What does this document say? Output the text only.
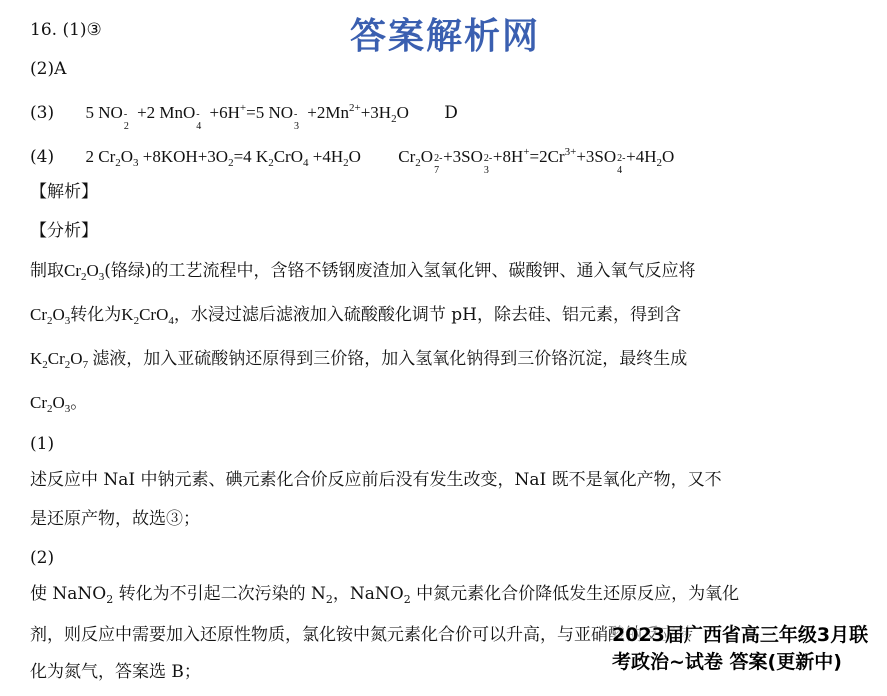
答案解析网
16. (1)③
(2)A
(3) 5 NO -
2
+2 MnO -
4
+6H+=5 NO -
3
$+2Mn^{2+}+3H_2O$ D
(4) 2 $Cr_2O_3 +8KOH+3O_2=4$ $K_2CrO_4 +4H_2O$ $Cr_2O$ 2-
7
+3SO 2-
3
$+8H^+=2Cr^{3+}+3SO$ 2-
4
$+4H_2O$
【解析】
【分析】
制取$Cr_2O_3$(铬绿)的工艺流程中，含铬不锈钢废渣加入氢氧化钾、碳酸钾、通入氧气反应将
$Cr_2O_3$转化为$K_2CrO_4$，水浸过滤后滤液加入硫酸酸化调节 pH，除去硅、铝元素，得到含
$K_2Cr_2O_7$ 滤液，加入亚硫酸钠还原得到三价铬，加入氢氧化钠得到三价铬沉淀，最终生成
$Cr_2O_3$。
(1)
述反应中 NaI 中钠元素、碘元素化合价反应前后没有发生改变，NaI 既不是氧化产物，又不
是还原产物，故选③；
(2)
使 NaNO$_2$ 转化为不引起二次污染的 $N_2$，NaNO$_2$ 中氮元素化合价降低发生还原反应，为氧化
剂，则反应中需要加入还原性物质，氯化铵中氮元素化合价可以升高，与亚硝酸钠反应转
化为氮气，答案选 B；
2023届广西省高三年级3月联
考政治~试卷 答案(更新中)
